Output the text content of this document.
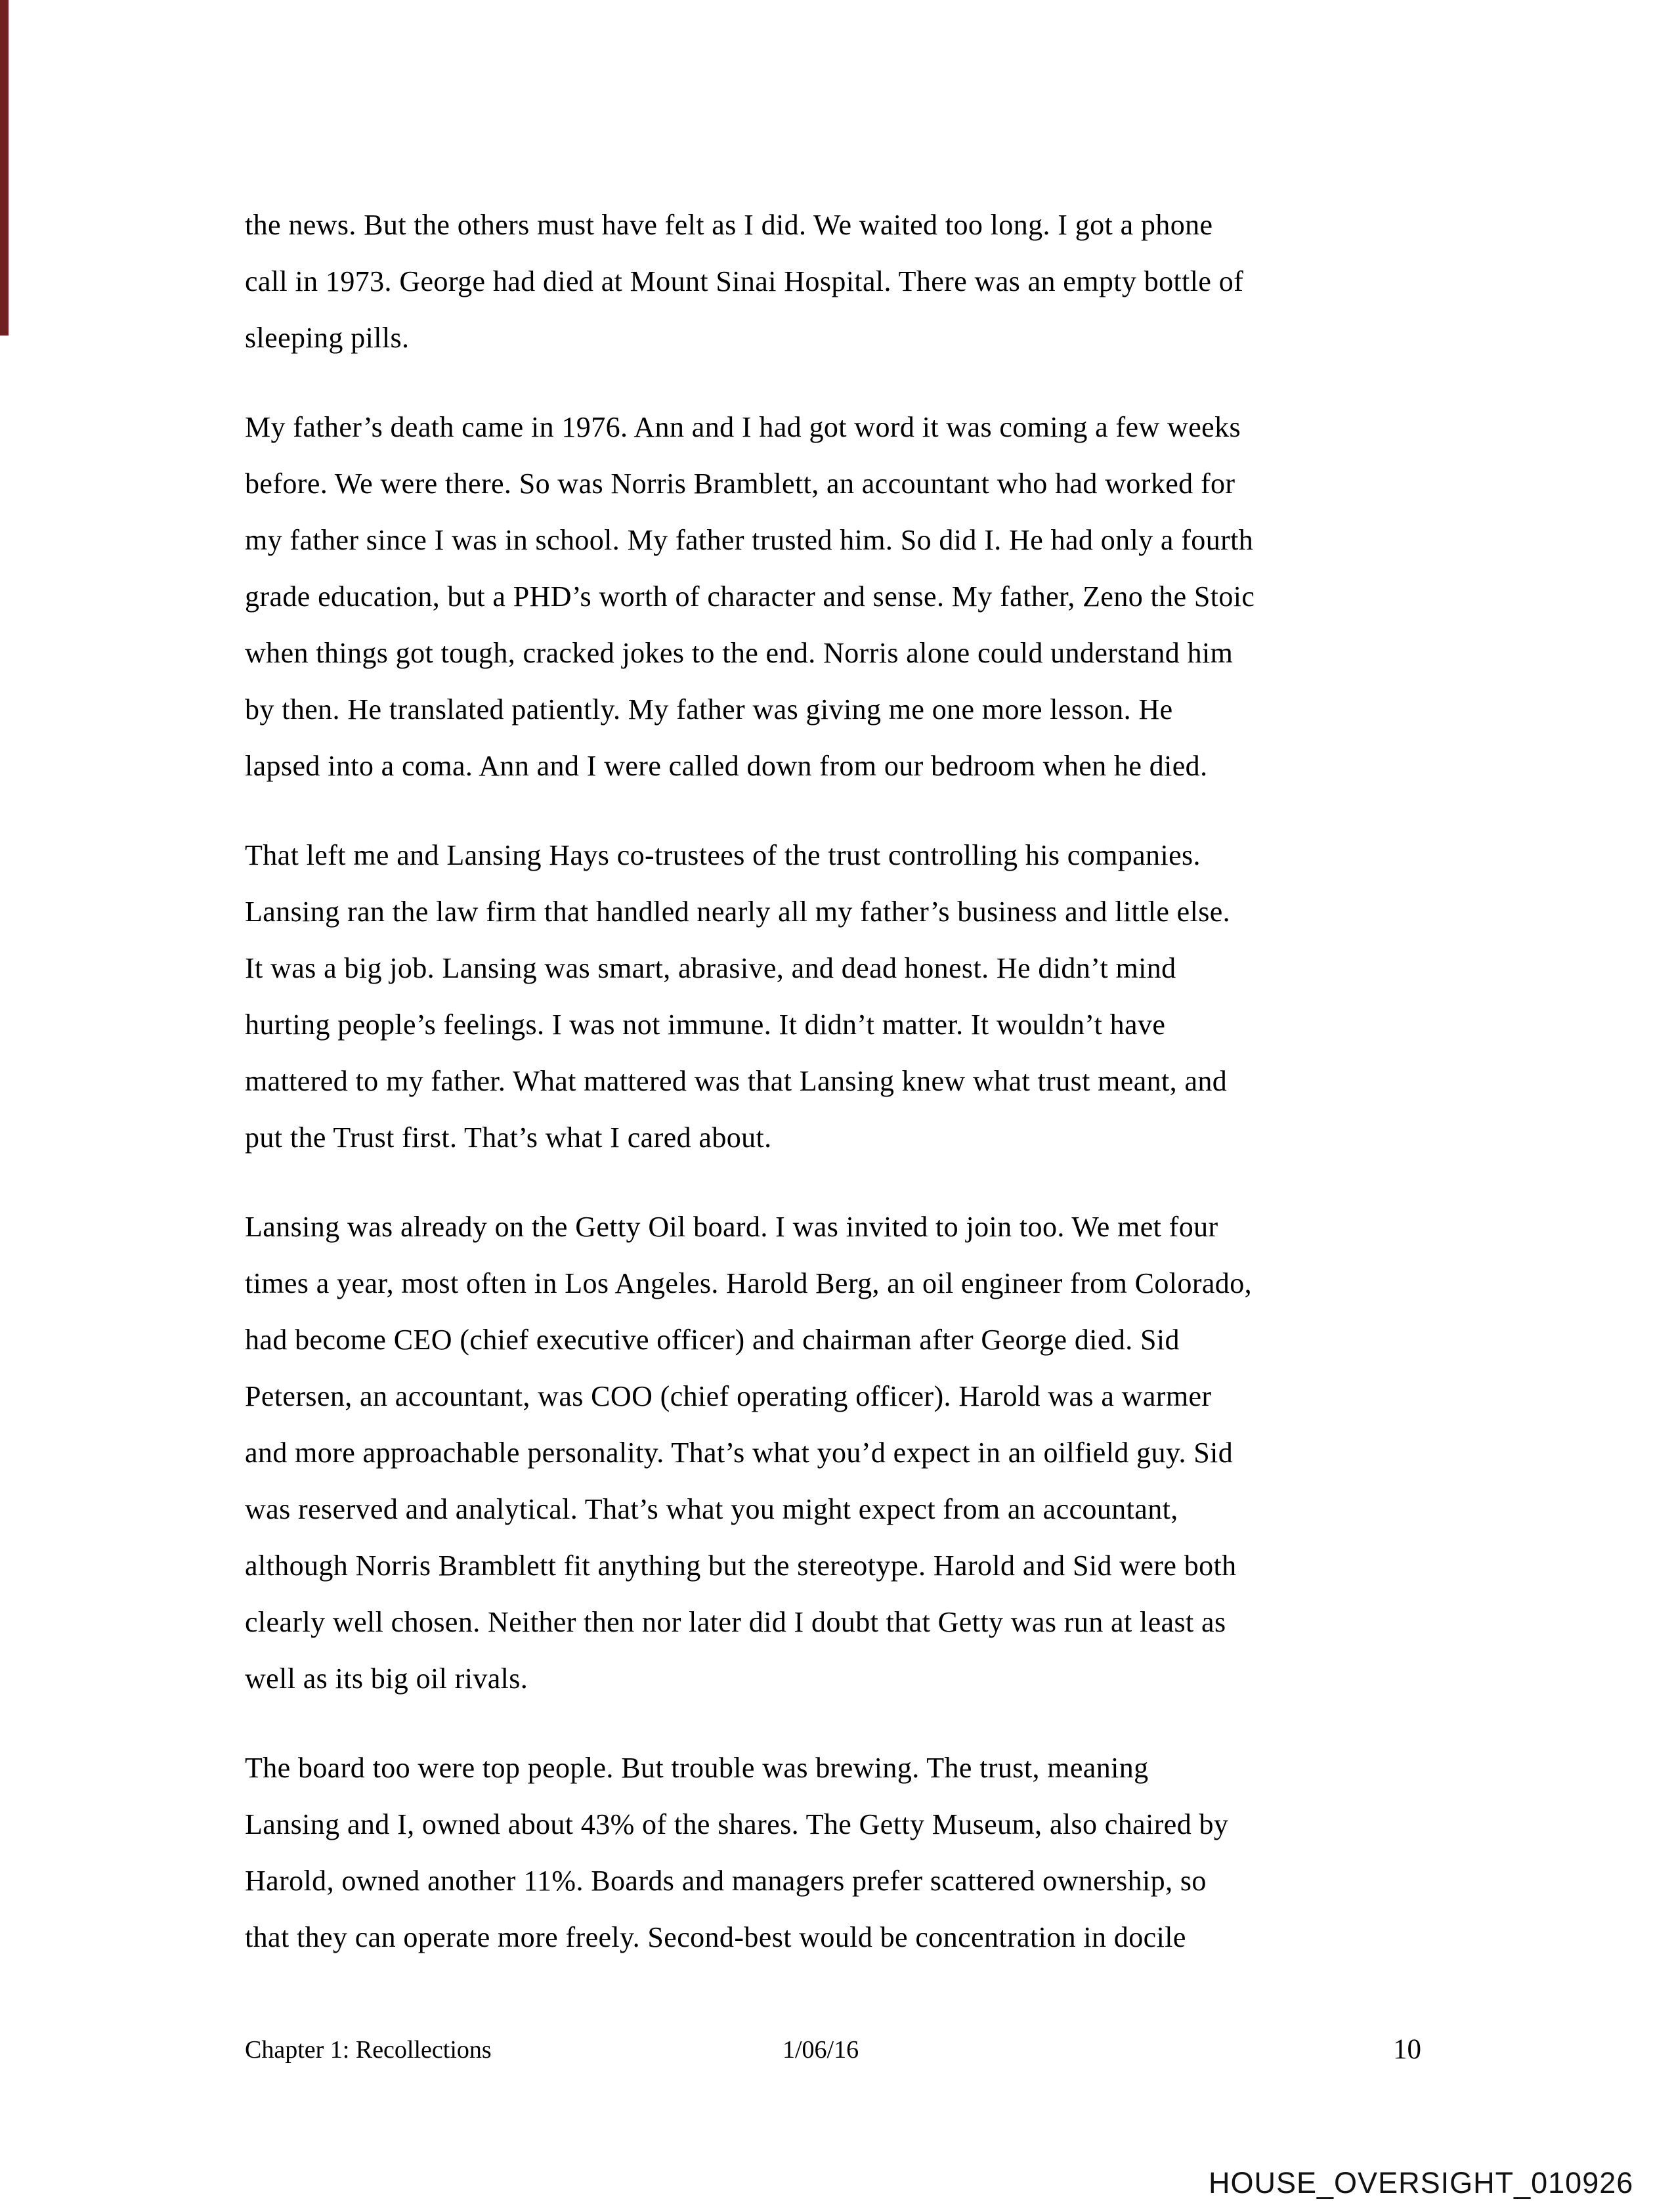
the news. But the others must have felt as I did. We waited too long. I got a phone
call in 1973. George had died at Mount Sinai Hospital. There was an empty bottle of
sleeping pills.

My father’s death came in 1976. Ann and I had got word it was coming a few weeks
before. We were there. So was Norris Bramblett, an accountant who had worked for
my father since I was in school. My father trusted him. So did I. He had only a fourth
grade education, but a PHD’s worth of character and sense. My father, Zeno the Stoic
when things got tough, cracked jokes to the end. Norris alone could understand him
by then. He translated patiently. My father was giving me one more lesson. He
lapsed into a coma. Ann and I were called down from our bedroom when he died.

That left me and Lansing Hays co-trustees of the trust controlling his companies.
Lansing ran the law firm that handled nearly all my father’s business and little else.
It was a big job. Lansing was smart, abrasive, and dead honest. He didn’t mind
hurting people’s feelings. I was not immune. It didn’t matter. It wouldn’t have
mattered to my father. What mattered was that Lansing knew what trust meant, and
put the Trust first. That’s what I cared about.

Lansing was already on the Getty Oil board. I was invited to join too. We met four
times a year, most often in Los Angeles. Harold Berg, an oil engineer from Colorado,
had become CEO (chief executive officer) and chairman after George died. Sid
Petersen, an accountant, was COO (chief operating officer). Harold was a warmer
and more approachable personality. That’s what you’d expect in an oilfield guy. Sid
was reserved and analytical. That’s what you might expect from an accountant,
although Norris Bramblett fit anything but the stereotype. Harold and Sid were both
clearly well chosen. Neither then nor later did I doubt that Getty was run at least as
well as its big oil rivals.

The board too were top people. But trouble was brewing. The trust, meaning
Lansing and I, owned about 43% of the shares. The Getty Museum, also chaired by
Harold, owned another 11%. Boards and managers prefer scattered ownership, so
that they can operate more freely. Second-best would be concentration in docile

Chapter 1: Recollections	1/06/16	10
HOUSE_OVERSIGHT_010926
